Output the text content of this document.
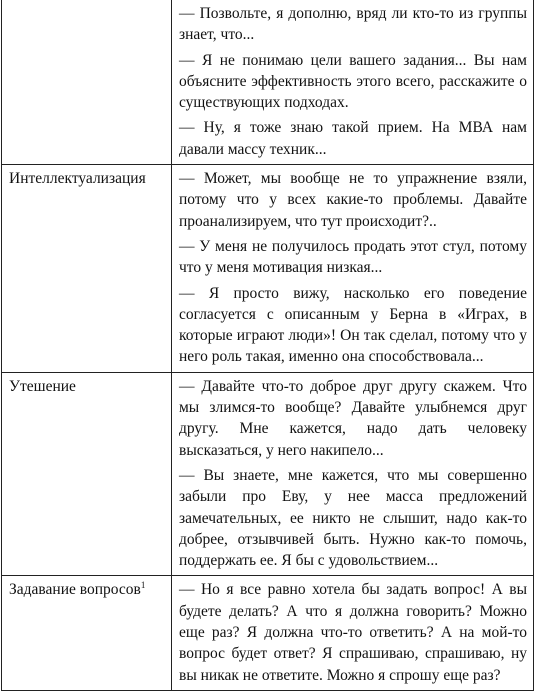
	— Позвольте, я дополню, вряд ли кто-то из группы знает, что...

— Я не понимаю цели вашего задания... Вы нам объясните эффективность этого всего, расскажите о существующих подходах.

— Ну, я тоже знаю такой прием. На МВА нам давали массу техник...

Интеллектуализация	— Может, мы вообще не то упражнение взяли, потому что у всех какие-то проблемы. Давайте проанализируем, что тут происходит?..

— У меня не получилось продать этот стул, потому что у меня мотивация низкая...

— Я просто вижу, насколько его поведение согласуется с описанным у Берна в «Играх, в которые играют люди»! Он так сделал, потому что у него роль такая, именно она способствовала...

Утешение	— Давайте что-то доброе друг другу скажем. Что мы злимся-то вообще? Давайте улыбнемся друг другу. Мне кажется, надо дать человеку высказаться, у него накипело...

— Вы знаете, мне кажется, что мы совершенно забыли про Еву, у нее масса предложений замечательных, ее никто не слышит, надо как-то добрее, отзывчивей быть. Нужно как-то помочь, поддержать ее. Я бы с удовольствием...

Задавание вопросов$^1$	— Но я все равно хотела бы задать вопрос! А вы будете делать? А что я должна говорить? Можно еще раз? Я должна что-то ответить? А на мой-то вопрос будет ответ? Я спрашиваю, спрашиваю, ну вы никак не ответите. Можно я спрошу еще раз?
